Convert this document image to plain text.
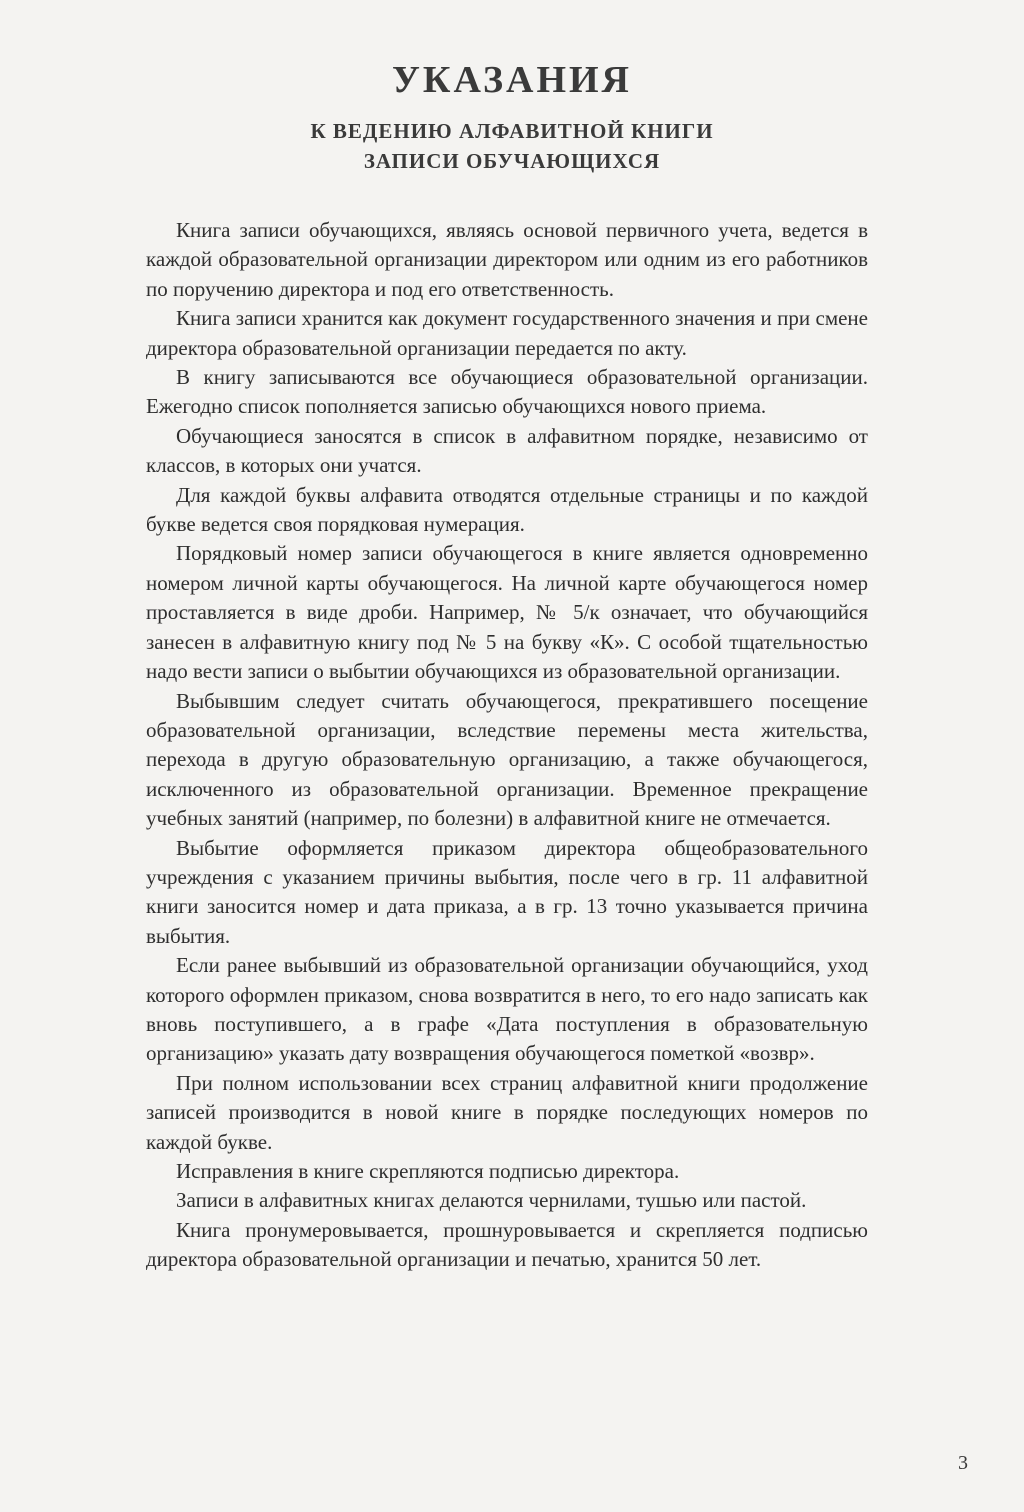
УКАЗАНИЯ
К ВЕДЕНИЮ АЛФАВИТНОЙ КНИГИ
ЗАПИСИ ОБУЧАЮЩИХСЯ

Книга записи обучающихся, являясь основой первичного учета, ведется в каждой образовательной организации директором или одним из его работников по поручению директора и под его ответственность.

Книга записи хранится как документ государственного значения и при смене директора образовательной организации передается по акту.

В книгу записываются все обучающиеся образовательной организации. Ежегодно список пополняется записью обучающихся нового приема.

Обучающиеся заносятся в список в алфавитном порядке, независимо от классов, в которых они учатся.

Для каждой буквы алфавита отводятся отдельные страницы и по каждой букве ведется своя порядковая нумерация.

Порядковый номер записи обучающегося в книге является одновременно номером личной карты обучающегося. На личной карте обучающегося номер проставляется в виде дроби. Например, № 5/к означает, что обучающийся занесен в алфавитную книгу под № 5 на букву «К». С особой тщательностью надо вести записи о выбытии обучающихся из образовательной организации.

Выбывшим следует считать обучающегося, прекратившего посещение образовательной организации, вследствие перемены места жительства, перехода в другую образовательную организацию, а также обучающегося, исключенного из образовательной организации. Временное прекращение учебных занятий (например, по болезни) в алфавитной книге не отмечается.

Выбытие оформляется приказом директора общеобразовательного учреждения с указанием причины выбытия, после чего в гр. 11 алфавитной книги заносится номер и дата приказа, а в гр. 13 точно указывается причина выбытия.

Если ранее выбывший из образовательной организации обучающийся, уход которого оформлен приказом, снова возвратится в него, то его надо записать как вновь поступившего, а в графе «Дата поступления в образовательную организацию» указать дату возвращения обучающегося пометкой «возвр».

При полном использовании всех страниц алфавитной книги продолжение записей производится в новой книге в порядке последующих номеров по каждой букве.

Исправления в книге скрепляются подписью директора.

Записи в алфавитных книгах делаются чернилами, тушью или пастой.

Книга пронумеровывается, прошнуровывается и скрепляется подписью директора образовательной организации и печатью, хранится 50 лет.

3
